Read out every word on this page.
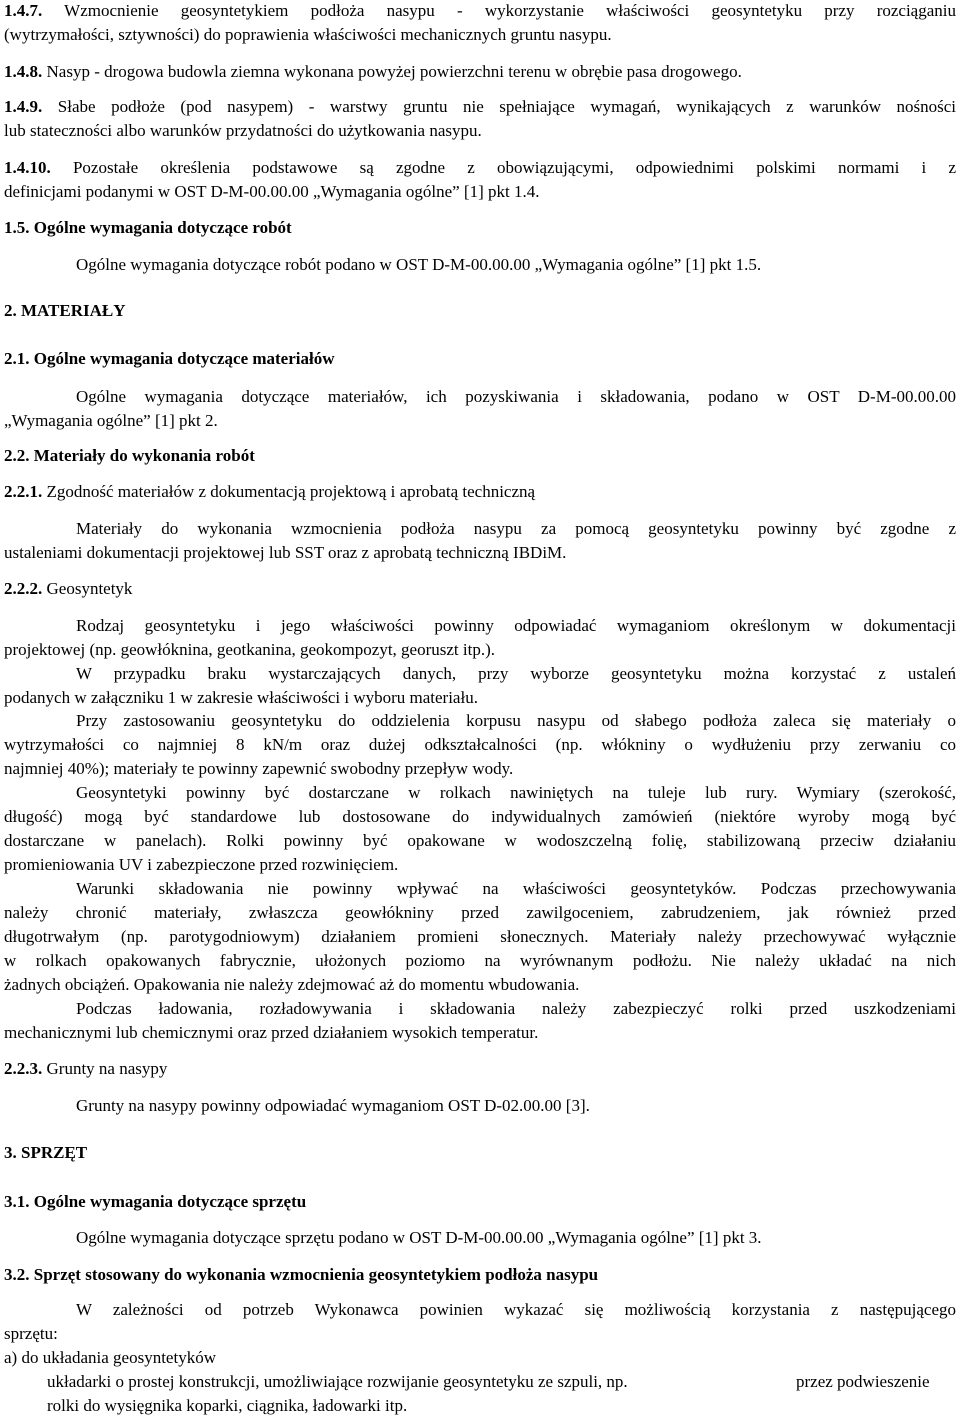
1.4.7. Wzmocnienie geosyntetykiem podłoża nasypu - wykorzystanie właściwości geosyntetyku przy rozciąganiu
(wytrzymałości, sztywności) do poprawienia właściwości mechanicznych gruntu nasypu.
1.4.8. Nasyp - drogowa budowla ziemna wykonana powyżej powierzchni terenu w obrębie pasa drogowego.
1.4.9. Słabe podłoże (pod nasypem) - warstwy gruntu nie spełniające wymagań, wynikających z warunków nośności
lub stateczności albo warunków przydatności do użytkowania nasypu.
1.4.10. Pozostałe określenia podstawowe są zgodne z obowiązującymi, odpowiednimi polskimi normami i z
definicjami podanymi w OST D-M-00.00.00 „Wymagania ogólne” [1] pkt 1.4.
1.5. Ogólne wymagania dotyczące robót
Ogólne wymagania dotyczące robót podano w OST D-M-00.00.00 „Wymagania ogólne” [1] pkt 1.5.
2. MATERIAŁY
2.1. Ogólne wymagania dotyczące materiałów
Ogólne wymagania dotyczące materiałów, ich pozyskiwania i składowania, podano w OST D-M-00.00.00
„Wymagania ogólne” [1] pkt 2.
2.2. Materiały do wykonania robót
2.2.1. Zgodność materiałów z dokumentacją projektową i aprobatą techniczną
Materiały do wykonania wzmocnienia podłoża nasypu za pomocą geosyntetyku powinny być zgodne z
ustaleniami dokumentacji projektowej lub SST oraz z aprobatą techniczną IBDiM.
2.2.2. Geosyntetyk
Rodzaj geosyntetyku i jego właściwości powinny odpowiadać wymaganiom określonym w dokumentacji
projektowej (np. geowłóknina, geotkanina, geokompozyt, georuszt itp.).
W przypadku braku wystarczających danych, przy wyborze geosyntetyku można korzystać z ustaleń
podanych w załączniku 1 w zakresie właściwości i wyboru materiału.
Przy zastosowaniu geosyntetyku do oddzielenia korpusu nasypu od słabego podłoża zaleca się materiały o
wytrzymałości co najmniej 8 kN/m oraz dużej odkształcalności (np. włókniny o wydłużeniu przy zerwaniu co
najmniej 40%); materiały te powinny zapewnić swobodny przepływ wody.
Geosyntetyki powinny być dostarczane w rolkach nawiniętych na tuleje lub rury. Wymiary (szerokość,
długość) mogą być standardowe lub dostosowane do indywidualnych zamówień (niektóre wyroby mogą być
dostarczane w panelach). Rolki powinny być opakowane w wodoszczelną folię, stabilizowaną przeciw działaniu
promieniowania UV i zabezpieczone przed rozwinięciem.
Warunki składowania nie powinny wpływać na właściwości geosyntetyków. Podczas przechowywania
należy chronić materiały, zwłaszcza geowłókniny przed zawilgoceniem, zabrudzeniem, jak również przed
długotrwałym (np. parotygodniowym) działaniem promieni słonecznych. Materiały należy przechowywać wyłącznie
w rolkach opakowanych fabrycznie, ułożonych poziomo na wyrównanym podłożu. Nie należy układać na nich
żadnych obciążeń. Opakowania nie należy zdejmować aż do momentu wbudowania.
Podczas ładowania, rozładowywania i składowania należy zabezpieczyć rolki przed uszkodzeniami
mechanicznymi lub chemicznymi oraz przed działaniem wysokich temperatur.
2.2.3. Grunty na nasypy
Grunty na nasypy powinny odpowiadać wymaganiom OST D-02.00.00 [3].
3. SPRZĘT
3.1. Ogólne wymagania dotyczące sprzętu
Ogólne wymagania dotyczące sprzętu podano w OST D-M-00.00.00 „Wymagania ogólne” [1] pkt 3.
3.2. Sprzęt stosowany do wykonania wzmocnienia geosyntetykiem podłoża nasypu
W zależności od potrzeb Wykonawca powinien wykazać się możliwością korzystania z następującego
sprzętu:
a) do układania geosyntetyków
układarki o prostej konstrukcji, umożliwiające rozwijanie geosyntetyku ze szpuli, np.	przez podwieszenie
rolki do wysięgnika koparki, ciągnika, ładowarki itp.
